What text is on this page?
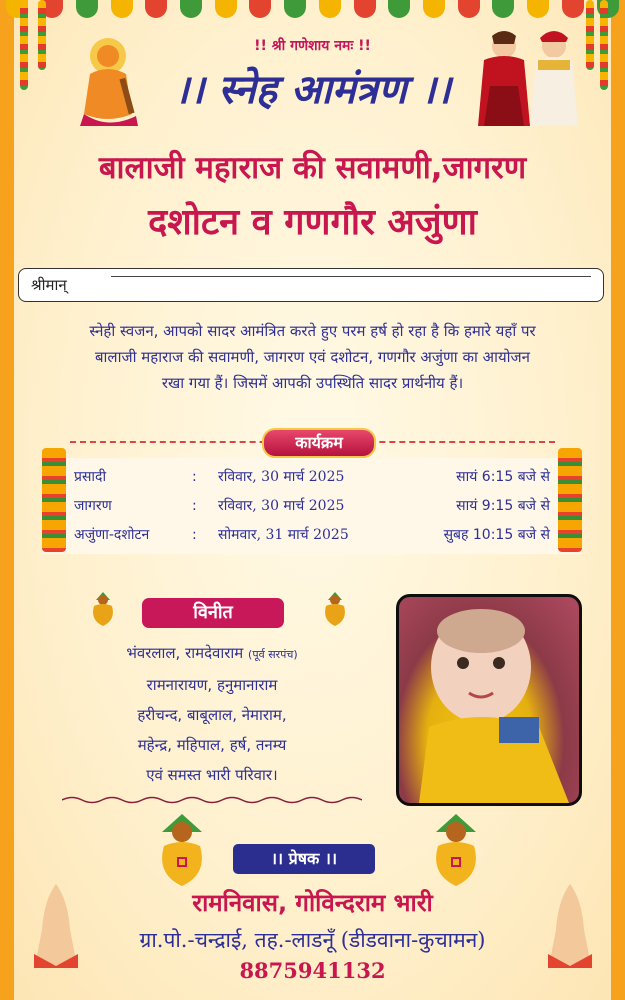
!! श्री गणेशाय नमः !!
।। स्नेह आमंत्रण ।।
बालाजी महाराज की सवामणी,जागरण
दशोटन व गणगौर अजुंणा
श्रीमान्
स्नेही स्वजन, आपको सादर आमंत्रित करते हुए परम हर्ष हो रहा है कि हमारे यहाँ पर
बालाजी महाराज की सवामणी, जागरण एवं दशोटन, गणगौर अजुंणा का आयोजन
रखा गया हैं। जिसमें आपकी उपस्थिति सादर प्रार्थनीय हैं।
कार्यक्रम
प्रसादी	:	रविवार, 30 मार्च 2025	सायं 6:15 बजे से
जागरण	:	रविवार, 30 मार्च 2025	सायं 9:15 बजे से
अजुंणा-दशोटन	:	सोमवार, 31 मार्च 2025	सुबह 10:15 बजे से
विनीत
भंवरलाल, रामदेवाराम (पूर्व सरपंच)
रामनारायण, हनुमानाराम
हरीचन्द, बाबूलाल, नेमाराम,
महेन्द्र, महिपाल, हर्ष, तनम्य
एवं समस्त भारी परिवार।
।। प्रेषक ।।
रामनिवास, गोविन्दराम भारी
ग्रा.पो.-चन्द्राई, तह.-लाडनूँ (डीडवाना-कुचामन)
8875941132
